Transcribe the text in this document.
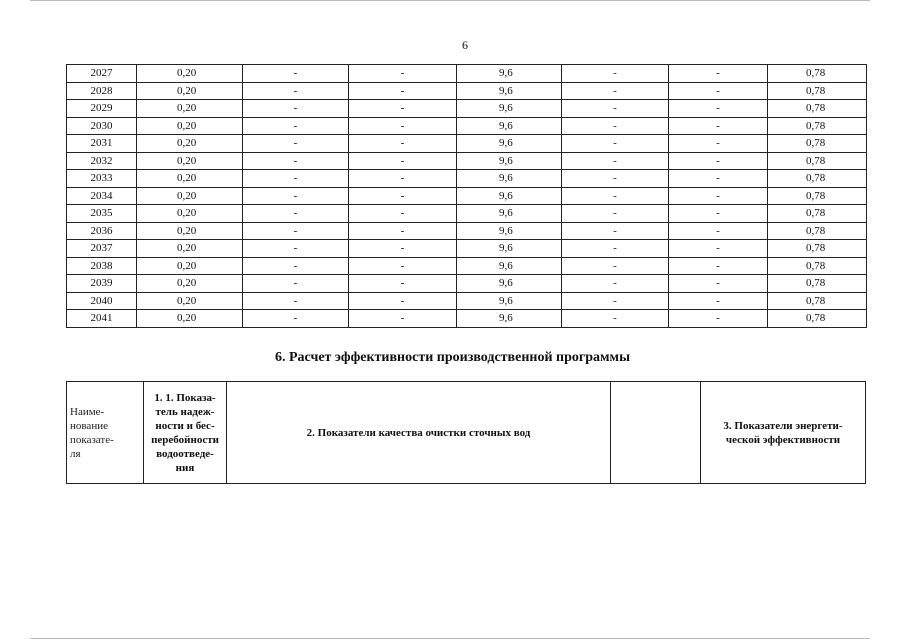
6
2027	0,20	-	-	9,6	-	-	0,78
2028	0,20	-	-	9,6	-	-	0,78
2029	0,20	-	-	9,6	-	-	0,78
2030	0,20	-	-	9,6	-	-	0,78
2031	0,20	-	-	9,6	-	-	0,78
2032	0,20	-	-	9,6	-	-	0,78
2033	0,20	-	-	9,6	-	-	0,78
2034	0,20	-	-	9,6	-	-	0,78
2035	0,20	-	-	9,6	-	-	0,78
2036	0,20	-	-	9,6	-	-	0,78
2037	0,20	-	-	9,6	-	-	0,78
2038	0,20	-	-	9,6	-	-	0,78
2039	0,20	-	-	9,6	-	-	0,78
2040	0,20	-	-	9,6	-	-	0,78
2041	0,20	-	-	9,6	-	-	0,78
6. Расчет эффективности производственной программы
Наиме-
нование
показате-
ля	1. 1. Показа-
тель надеж-
ности и бес-
перебойности
водоотведе-
ния	2. Показатели качества очистки сточных вод		3. Показатели энергети-
ческой эффективности
